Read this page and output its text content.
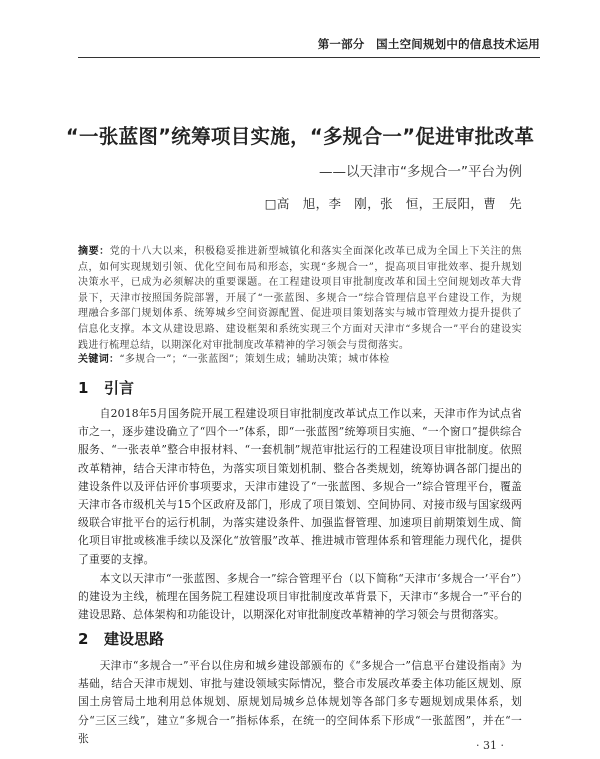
第一部分　国土空间规划中的信息技术运用
“一张蓝图”统筹项目实施，“多规合一”促进审批改革
——以天津市“多规合一”平台为例
□高　旭，李　刚，张　恒，王辰阳，曹　先
摘要：党的十八大以来，积极稳妥推进新型城镇化和落实全面深化改革已成为全国上下关注的焦点，如何实现规划引领、优化空间布局和形态，实现“多规合一”，提高项目审批效率、提升规划决策水平，已成为必须解决的重要课题。在工程建设项目审批制度改革和国土空间规划改革大背景下，天津市按照国务院部署，开展了“一张蓝图、多规合一”综合管理信息平台建设工作，为规理融合多部门规划体系、统筹城乡空间资源配置、促进项目策划落实与城市管理效力提升提供了信息化支撑。本文从建设思路、建设框架和系统实现三个方面对天津市“多规合一”平台的建设实践进行梳理总结，以期深化对审批制度改革精神的学习领会与贯彻落实。
关键词：“多规合一”；“一张蓝图”；策划生成；辅助决策；城市体检
1 引言
自2018年5月国务院开展工程建设项目审批制度改革试点工作以来，天津市作为试点省市之一，逐步建设确立了“四个一”体系，即“一张蓝图”统筹项目实施、“一个窗口”提供综合服务、“一张表单”整合申报材料、“一套机制”规范审批运行的工程建设项目审批制度。依照改革精神，结合天津市特色，为落实项目策划机制、整合各类规划，统筹协调各部门提出的建设条件以及评估评价事项要求，天津市建设了“一张蓝图、多规合一”综合管理平台，覆盖天津市各市级机关与15个区政府及部门，形成了项目策划、空间协同、对接市级与国家级两级联合审批平台的运行机制，为落实建设条件、加强监督管理、加速项目前期策划生成、简化项目审批或核准手续以及深化“放管服”改革、推进城市管理体系和管理能力现代化，提供了重要的支撑。
本文以天津市“一张蓝图、多规合一”综合管理平台（以下简称“天津市‘多规合一’平台”）的建设为主线，梳理在国务院工程建设项目审批制度改革背景下，天津市“多规合一”平台的建设思路、总体架构和功能设计，以期深化对审批制度改革精神的学习领会与贯彻落实。
2 建设思路
天津市“多规合一”平台以住房和城乡建设部颁布的《“多规合一”信息平台建设指南》为基础，结合天津市规划、审批与建设领域实际情况，整合市发展改革委主体功能区规划、原国土房管局土地利用总体规划、原规划局城乡总体规划等各部门多专题规划成果体系，划分“三区三线”，建立“多规合一”指标体系，在统一的空间体系下形成“一张蓝图”，并在“一张
· 31 ·
